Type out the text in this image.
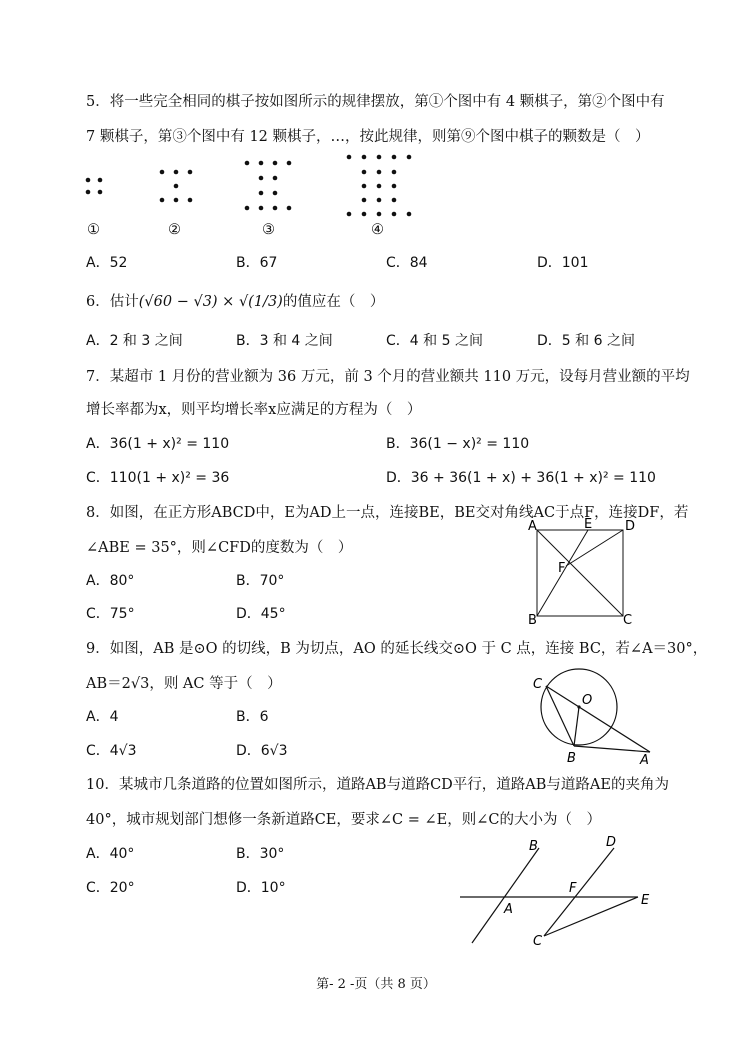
5．将一些完全相同的棋子按如图所示的规律摆放，第①个图中有 4 颗棋子，第②个图中有
7 颗棋子，第③个图中有 12 颗棋子，…，按此规律，则第⑨个图中棋子的颗数是（　）
①	②	③	④
A．52	B．67	C．84	D．101
6．估计(√60 − √3) × √(1/3)的值应在（　）
A．2 和 3 之间	B．3 和 4 之间	C．4 和 5 之间	D．5 和 6 之间
7．某超市 1 月份的营业额为 36 万元，前 3 个月的营业额共 110 万元，设每月营业额的平均
增长率都为x，则平均增长率x应满足的方程为（　）
A．36(1 + x)² = 110	B．36(1 − x)² = 110
C．110(1 + x)² = 36	D．36 + 36(1 + x) + 36(1 + x)² = 110
8．如图，在正方形ABCD中，E为AD上一点，连接BE，BE交对角线AC于点F，连接DF，若
∠ABE = 35°，则∠CFD的度数为（　）
A．80°	B．70°
C．75°	D．45°
A	E	D
F
B	C
9．如图，AB 是⊙O 的切线，B 为切点，AO 的延长线交⊙O 于 C 点，连接 BC，若∠A＝30°，
AB＝2√3，则 AC 等于（　）
A．4	B．6
C．4√3	D．6√3
C
O
B	A
10．某城市几条道路的位置如图所示，道路AB与道路CD平行，道路AB与道路AE的夹角为
40°，城市规划部门想修一条新道路CE，要求∠C = ∠E，则∠C的大小为（　）
A．40°	B．30°
C．20°	D．10°
B	D
F
E
A
C
第- 2 -页（共 8 页）
